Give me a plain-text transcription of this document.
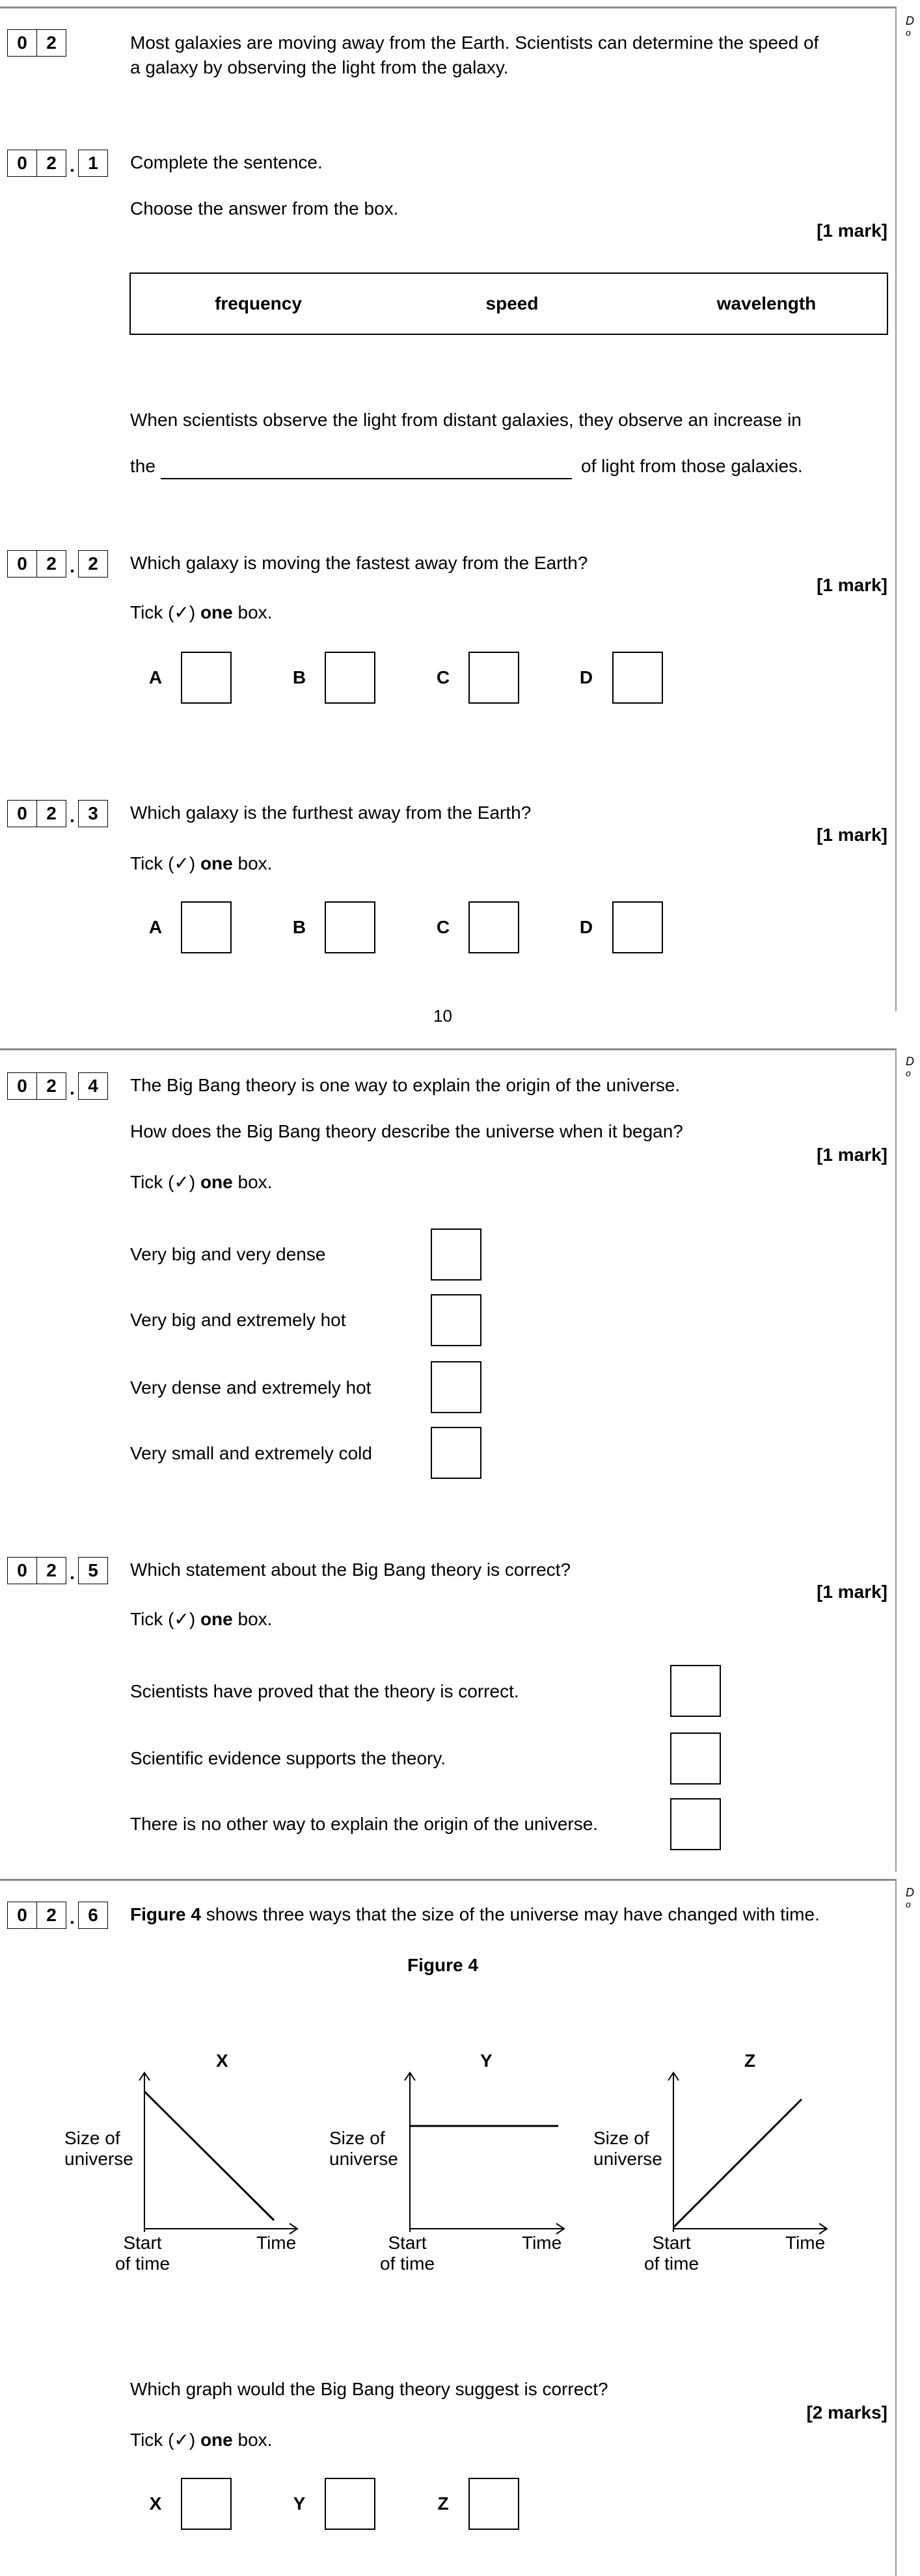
D
o
0	2	Most galaxies are moving away from the Earth. Scientists can determine the speed of
a galaxy by observing the light from the galaxy.
0	2 . 1	Complete the sentence.
Choose the answer from the box.
[1 mark]
frequency	speed	wavelength
When scientists observe the light from distant galaxies, they observe an increase in
the	of light from those galaxies.
0	2 . 2	Which galaxy is moving the fastest away from the Earth?
[1 mark]
Tick (✓) one box.
A	B	C	D
0	2 . 3	Which galaxy is the furthest away from the Earth?
[1 mark]
Tick (✓) one box.
A	B	C	D
10
D
o
0	2 . 4	The Big Bang theory is one way to explain the origin of the universe.
How does the Big Bang theory describe the universe when it began?
[1 mark]
Tick (✓) one box.
Very big and very dense
Very big and extremely hot
Very dense and extremely hot
Very small and extremely cold
0	2 . 5	Which statement about the Big Bang theory is correct?
[1 mark]
Tick (✓) one box.
Scientists have proved that the theory is correct.
Scientific evidence supports the theory.
There is no other way to explain the origin of the universe.
D
o
0	2 . 6	Figure 4 shows three ways that the size of the universe may have changed with time.
Figure 4
X
Size of
universe
Start
of time
Time
Y
Size of
universe
Start
of time
Time
Z
Size of
universe
Start
of time
Time
Which graph would the Big Bang theory suggest is correct?
[2 marks]
Tick (✓) one box.
X	Y	Z
